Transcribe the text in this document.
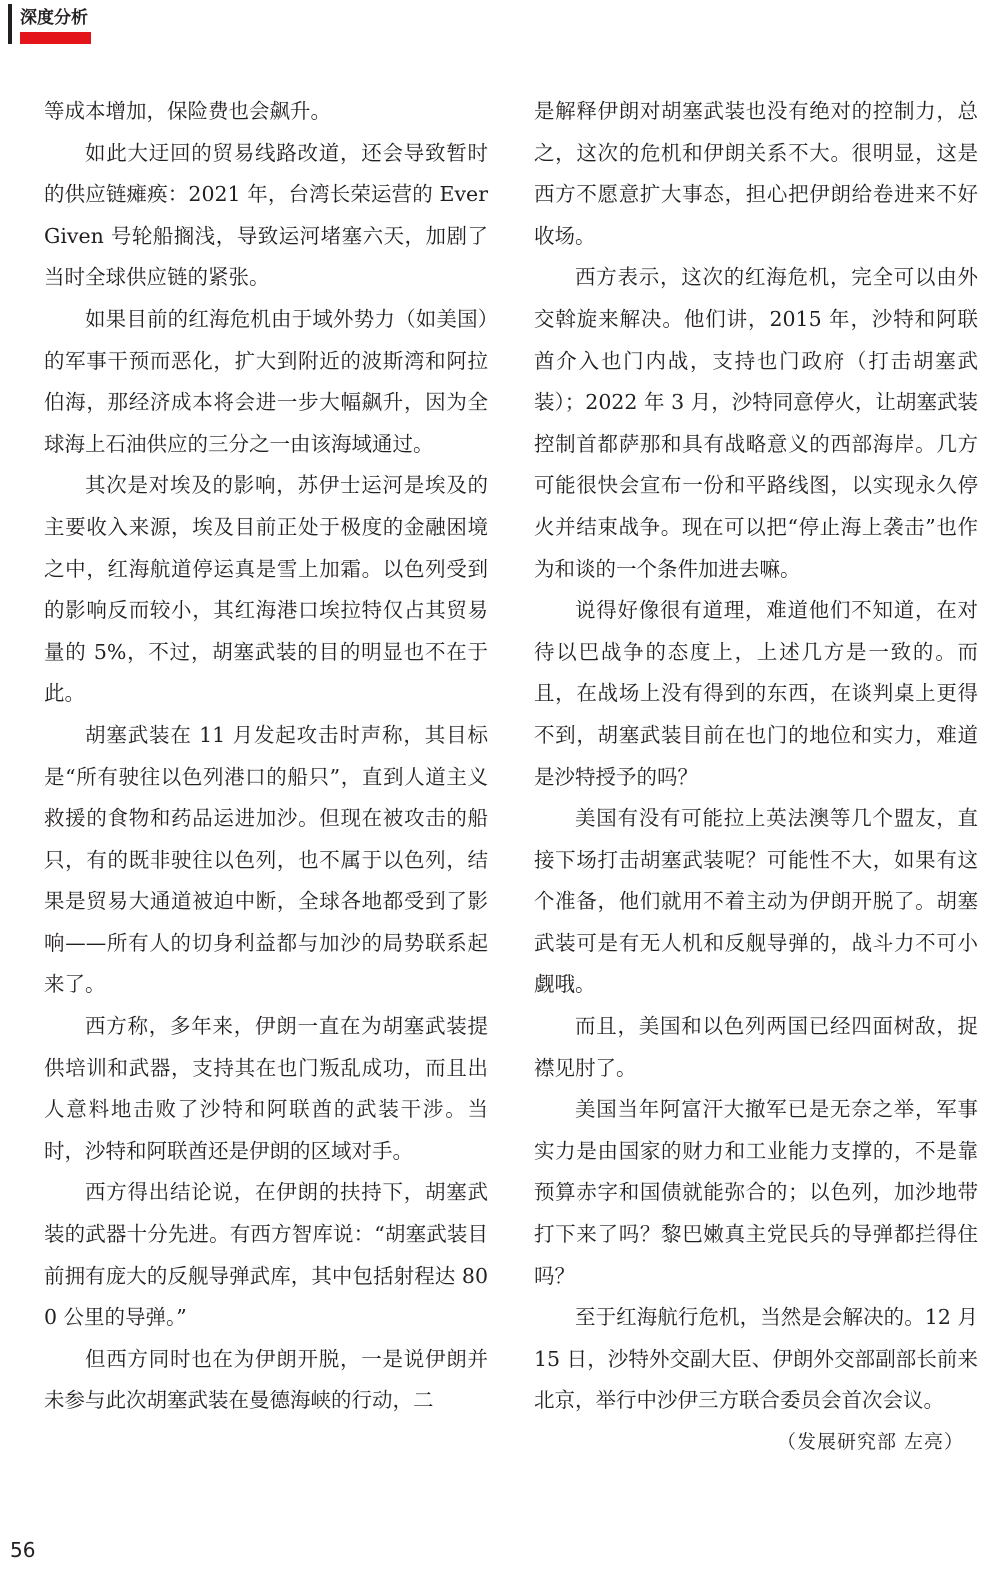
深度分析

等成本增加，保险费也会飙升。

如此大迂回的贸易线路改道，还会导致暂时的供应链瘫痪：2021 年，台湾长荣运营的 Ever Given 号轮船搁浅，导致运河堵塞六天，加剧了当时全球供应链的紧张。

如果目前的红海危机由于域外势力（如美国）的军事干预而恶化，扩大到附近的波斯湾和阿拉伯海，那经济成本将会进一步大幅飙升，因为全球海上石油供应的三分之一由该海域通过。

其次是对埃及的影响，苏伊士运河是埃及的主要收入来源，埃及目前正处于极度的金融困境之中，红海航道停运真是雪上加霜。以色列受到的影响反而较小，其红海港口埃拉特仅占其贸易量的 5%，不过，胡塞武装的目的明显也不在于此。

胡塞武装在 11 月发起攻击时声称，其目标是“所有驶往以色列港口的船只”，直到人道主义救援的食物和药品运进加沙。但现在被攻击的船只，有的既非驶往以色列，也不属于以色列，结果是贸易大通道被迫中断，全球各地都受到了影响——所有人的切身利益都与加沙的局势联系起来了。

西方称，多年来，伊朗一直在为胡塞武装提供培训和武器，支持其在也门叛乱成功，而且出人意料地击败了沙特和阿联酋的武装干涉。当时，沙特和阿联酋还是伊朗的区域对手。

西方得出结论说，在伊朗的扶持下，胡塞武装的武器十分先进。有西方智库说：“胡塞武装目前拥有庞大的反舰导弹武库，其中包括射程达 800 公里的导弹。”

但西方同时也在为伊朗开脱，一是说伊朗并未参与此次胡塞武装在曼德海峡的行动，二

是解释伊朗对胡塞武装也没有绝对的控制力，总之，这次的危机和伊朗关系不大。很明显，这是西方不愿意扩大事态，担心把伊朗给卷进来不好收场。

西方表示，这次的红海危机，完全可以由外交斡旋来解决。他们讲，2015 年，沙特和阿联酋介入也门内战，支持也门政府（打击胡塞武装）；2022 年 3 月，沙特同意停火，让胡塞武装控制首都萨那和具有战略意义的西部海岸。几方可能很快会宣布一份和平路线图，以实现永久停火并结束战争。现在可以把“停止海上袭击”也作为和谈的一个条件加进去嘛。

说得好像很有道理，难道他们不知道，在对待以巴战争的态度上，上述几方是一致的。而且，在战场上没有得到的东西，在谈判桌上更得不到，胡塞武装目前在也门的地位和实力，难道是沙特授予的吗？

美国有没有可能拉上英法澳等几个盟友，直接下场打击胡塞武装呢？可能性不大，如果有这个准备，他们就用不着主动为伊朗开脱了。胡塞武装可是有无人机和反舰导弹的，战斗力不可小觑哦。

而且，美国和以色列两国已经四面树敌，捉襟见肘了。

美国当年阿富汗大撤军已是无奈之举，军事实力是由国家的财力和工业能力支撑的，不是靠预算赤字和国债就能弥合的；以色列，加沙地带打下来了吗？黎巴嫩真主党民兵的导弹都拦得住吗？

至于红海航行危机，当然是会解决的。12 月 15 日，沙特外交副大臣、伊朗外交部副部长前来北京，举行中沙伊三方联合委员会首次会议。
（发展研究部 左亮）

56
